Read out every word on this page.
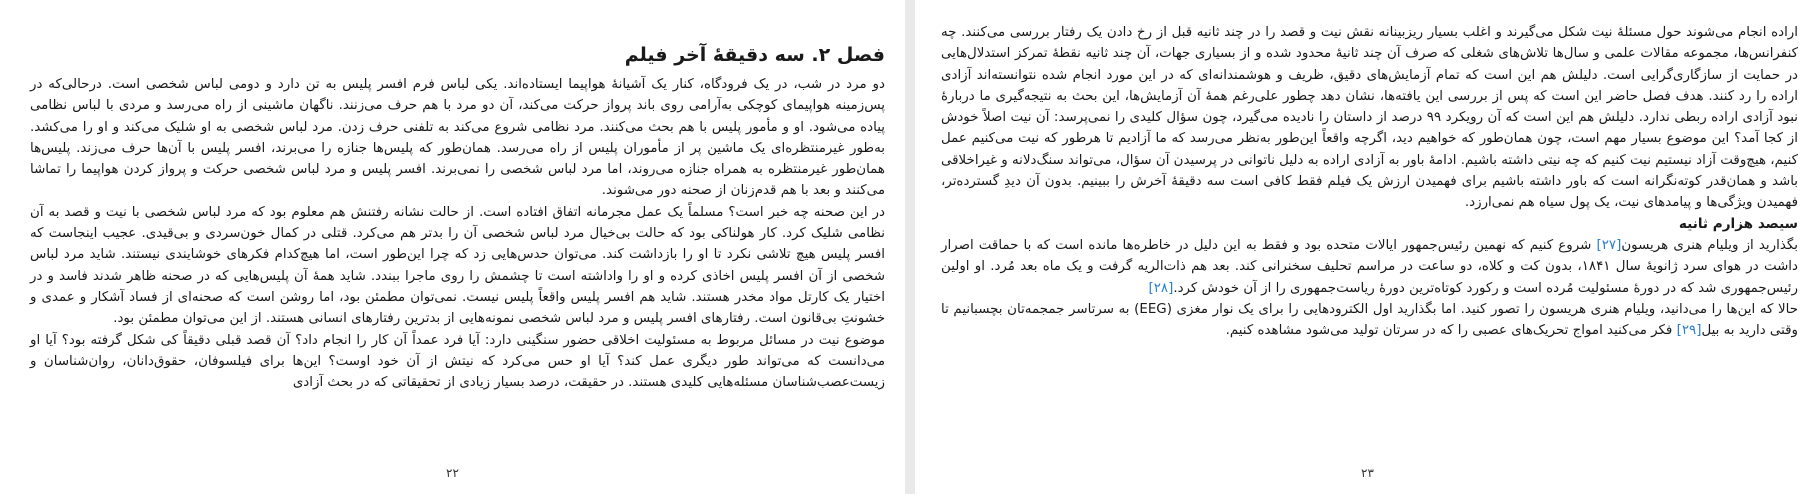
فصل ۲. سه دقیقهٔ آخر فیلم

دو مرد در شب، در یک فرودگاه، کنار یک آشیانهٔ هواپیما ایستاده‌اند. یکی لباس فرم افسر پلیس به تن دارد و دومی لباس شخصی است. درحالی‌که در پس‌زمینه هواپیمای کوچکی به‌آرامی روی باند پرواز حرکت می‌کند، آن دو مرد با هم حرف می‌زنند. ناگهان ماشینی از راه می‌رسد و مردی با لباس نظامی پیاده می‌شود. او و مأمور پلیس با هم بحث می‌کنند. مرد نظامی شروع می‌کند به تلفنی حرف زدن. مرد لباس شخصی به او شلیک می‌کند و او را می‌کشد. به‌طور غیرمنتظره‌ای یک ماشین پر از مأموران پلیس از راه می‌رسد. همان‌طور که پلیس‌ها جنازه را می‌برند، افسر پلیس با آن‌ها حرف می‌زند. پلیس‌ها همان‌طور غیرمنتظره به همراه جنازه می‌روند، اما مرد لباس شخصی را نمی‌برند. افسر پلیس و مرد لباس شخصی حرکت و پرواز کردن هواپیما را تماشا می‌کنند و بعد با هم قدم‌زنان از صحنه دور می‌شوند.

در این صحنه چه خبر است؟ مسلماً یک عمل مجرمانه اتفاق افتاده است. از حالت نشانه رفتنش هم معلوم بود که مرد لباس شخصی با نیت و قصد به آن نظامی شلیک کرد. کار هولناکی بود که حالت بی‌خیال مرد لباس شخصی آن را بدتر هم می‌کرد. قتلی در کمال خون‌سردی و بی‌قیدی. عجیب اینجاست که افسر پلیس هیچ تلاشی نکرد تا او را بازداشت کند. می‌توان حدس‌هایی زد که چرا این‌طور است، اما هیچ‌کدام فکرهای خوشایندی نیستند. شاید مرد لباس شخصی از آن افسر پلیس اخاذی کرده و او را واداشته است تا چشمش را روی ماجرا ببندد. شاید همهٔ آن پلیس‌هایی که در صحنه ظاهر شدند فاسد و در اختیار یک کارتل مواد مخدر هستند. شاید هم افسر پلیس واقعاً پلیس نیست. نمی‌توان مطمئن بود، اما روشن است که صحنه‌ای از فساد آشکار و عمدی و خشونتِ بی‌قانون است. رفتارهای افسر پلیس و مرد لباس شخصی نمونه‌هایی از بدترین رفتارهای انسانی هستند. از این می‌توان مطمئن بود.

موضوع نیت در مسائل مربوط به مسئولیت اخلاقی حضور سنگینی دارد: آیا فرد عمداً آن کار را انجام داد؟ آن قصد قبلی دقیقاً کی شکل گرفته بود؟ آیا او می‌دانست که می‌تواند طور دیگری عمل کند؟ آیا او حس می‌کرد که نیتش از آن خود اوست؟ این‌ها برای فیلسوفان، حقوق‌دانان، روان‌شناسان و زیست‌عصب‌شناسان مسئله‌هایی کلیدی هستند. در حقیقت، درصد بسیار زیادی از تحقیقاتی که در بحث آزادی

۲۲

اراده انجام می‌شوند حول مسئلهٔ نیت شکل می‌گیرند و اغلب بسیار ریزبینانه نقش نیت و قصد را در چند ثانیه قبل از رخ دادن یک رفتار بررسی می‌کنند. چه کنفرانس‌ها، مجموعه مقالات علمی و سال‌ها تلاش‌های شغلی که صرف آن چند ثانیهٔ محدود شده و از بسیاری جهات، آن چند ثانیه نقطهٔ تمرکز استدلال‌هایی در حمایت از سازگاری‌گرایی است. دلیلش هم این است که تمام آزمایش‌های دقیق، ظریف و هوشمندانه‌ای که در این مورد انجام شده نتوانسته‌اند آزادی اراده را رد کنند. هدف فصل حاضر این است که پس از بررسی این یافته‌ها، نشان دهد چطور علی‌رغم همهٔ آن آزمایش‌ها، این بحث به نتیجه‌گیری ما دربارهٔ نبود آزادی اراده ربطی ندارد. دلیلش هم این است که آن رویکرد ۹۹ درصد از داستان را نادیده می‌گیرد، چون سؤال کلیدی را نمی‌پرسد: آن نیت اصلاً خودش از کجا آمد؟ این موضوع بسیار مهم است، چون همان‌طور که خواهیم دید، اگرچه واقعاً این‌طور به‌نظر می‌رسد که ما آزادیم تا هرطور که نیت می‌کنیم عمل کنیم، هیچ‌وقت آزاد نیستیم نیت کنیم که چه نیتی داشته باشیم. ادامهٔ باور به آزادی اراده به دلیل ناتوانی در پرسیدن آن سؤال، می‌تواند سنگ‌دلانه و غیراخلاقی باشد و همان‌قدر کوته‌نگرانه است که باور داشته باشیم برای فهمیدن ارزش یک فیلم فقط کافی است سه دقیقهٔ آخرش را ببینیم. بدون آن دیدِ گسترده‌تر، فهمیدن ویژگی‌ها و پیامدهای نیت، یک پول سیاه هم نمی‌ارزد.

سیصد هزارم ثانیه

بگذارید از ویلیام هنری هریسون[۲۷] شروع کنیم که نهمین رئیس‌جمهور ایالات متحده بود و فقط به این دلیل در خاطره‌ها مانده است که با حماقت اصرار داشت در هوای سرد ژانویهٔ سال ۱۸۴۱، بدون کت و کلاه، دو ساعت در مراسم تحلیف سخنرانی کند. بعد هم ذات‌الریه گرفت و یک ماه بعد مُرد. او اولین رئیس‌جمهوری شد که در دورهٔ مسئولیت مُرده است و رکورد کوتاه‌ترین دورهٔ ریاست‌جمهوری را از آن خودش کرد.[۲۸]

حالا که این‌ها را می‌دانید، ویلیام هنری هریسون را تصور کنید. اما بگذارید اول الکترودهایی را برای یک نوار مغزی (EEG) به سرتاسر جمجمه‌تان بچسبانیم تا وقتی دارید به بیل[۲۹] فکر می‌کنید امواج تحریک‌های عصبی را که در سرتان تولید می‌شود مشاهده کنیم.

۲۳
